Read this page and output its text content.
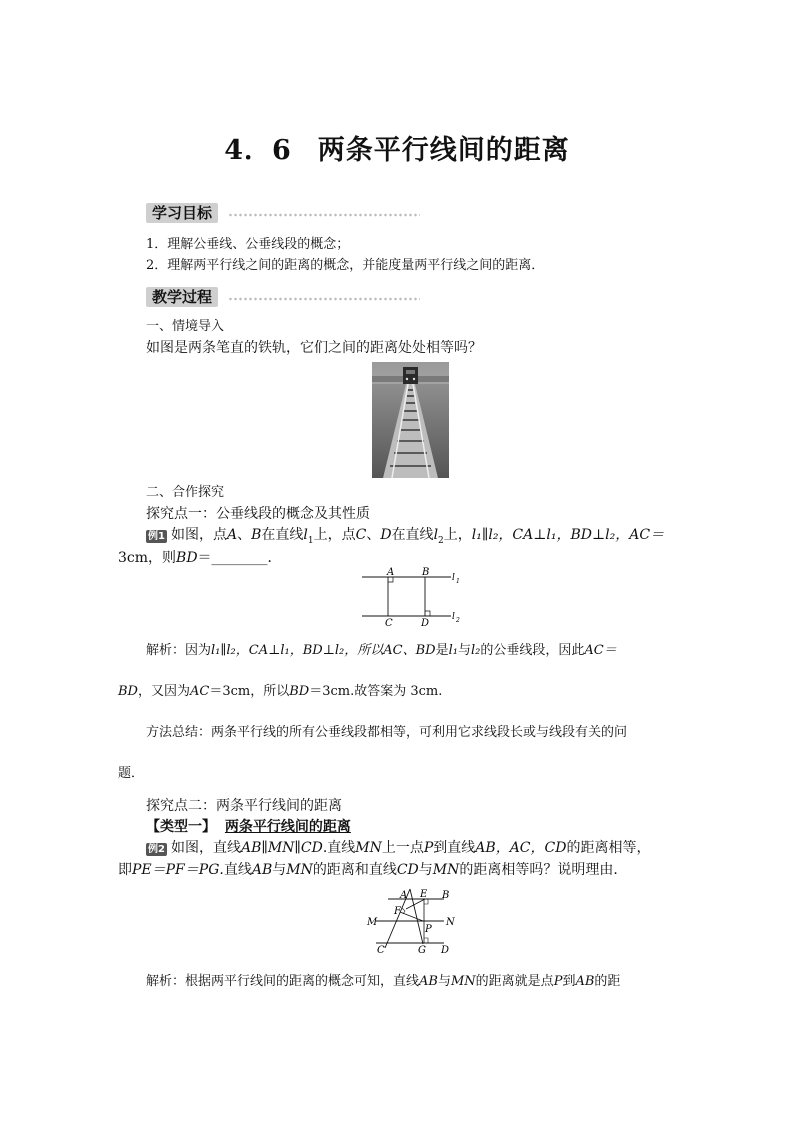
4．6 两条平行线间的距离
学习目标
1．理解公垂线、公垂线段的概念；
2．理解两平行线之间的距离的概念，并能度量两平行线之间的距离．
教学过程
一、情境导入
如图是两条笔直的铁轨，它们之间的距离处处相等吗？
二、合作探究
探究点一：公垂线段的概念及其性质
例1 如图，点A、B在直线$l_1$上，点C、D在直线$l_2$上，l₁∥l₂，CA⊥l₁，BD⊥l₂，AC＝
3cm，则BD＝________．
A	B
C	D
l 1
l 2
解析：因为l₁∥l₂，CA⊥l₁，BD⊥l₂，所以AC、BD是l₁与l₂的公垂线段，因此AC＝
BD，又因为AC＝3cm，所以BD＝3cm.故答案为 3cm.
方法总结：两条平行线的所有公垂线段都相等，可利用它求线段长或与线段有关的问
题．
探究点二：两条平行线间的距离
【类型一】 两条平行线间的距离
例2 如图，直线AB∥MN∥CD.直线MN上一点P到直线AB，AC，CD的距离相等，
即PE＝PF＝PG.直线AB与MN的距离和直线CD与MN的距离相等吗？说明理由．
A E B
F
M	N
P
C	G D
解析：根据两平行线间的距离的概念可知，直线AB与MN的距离就是点P到AB的距
